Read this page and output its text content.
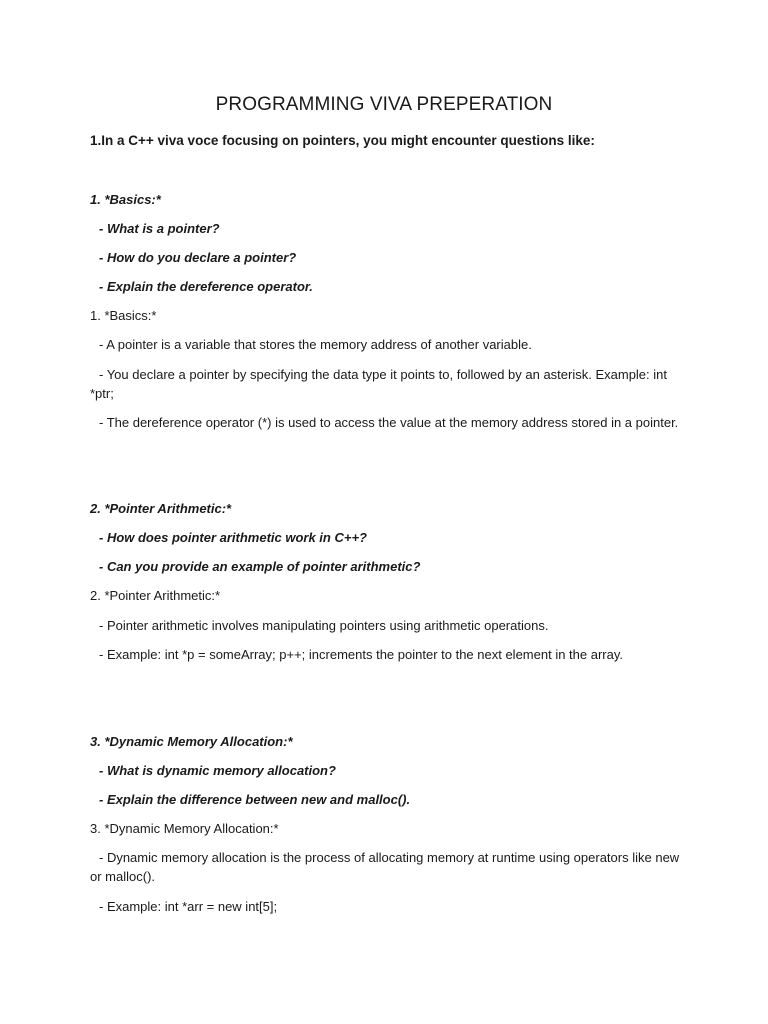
PROGRAMMING VIVA PREPERATION
1.In a C++ viva voce focusing on pointers, you might encounter questions like:
1. *Basics:*
- What is a pointer?
- How do you declare a pointer?
- Explain the dereference operator.
1. *Basics:*
- A pointer is a variable that stores the memory address of another variable.
- You declare a pointer by specifying the data type it points to, followed by an asterisk. Example: int *ptr;
- The dereference operator (*) is used to access the value at the memory address stored in a pointer.
2. *Pointer Arithmetic:*
- How does pointer arithmetic work in C++?
- Can you provide an example of pointer arithmetic?
2. *Pointer Arithmetic:*
- Pointer arithmetic involves manipulating pointers using arithmetic operations.
- Example: int *p = someArray; p++; increments the pointer to the next element in the array.
3. *Dynamic Memory Allocation:*
- What is dynamic memory allocation?
- Explain the difference between new and malloc().
3. *Dynamic Memory Allocation:*
- Dynamic memory allocation is the process of allocating memory at runtime using operators like new or malloc().
- Example: int *arr = new int[5];
